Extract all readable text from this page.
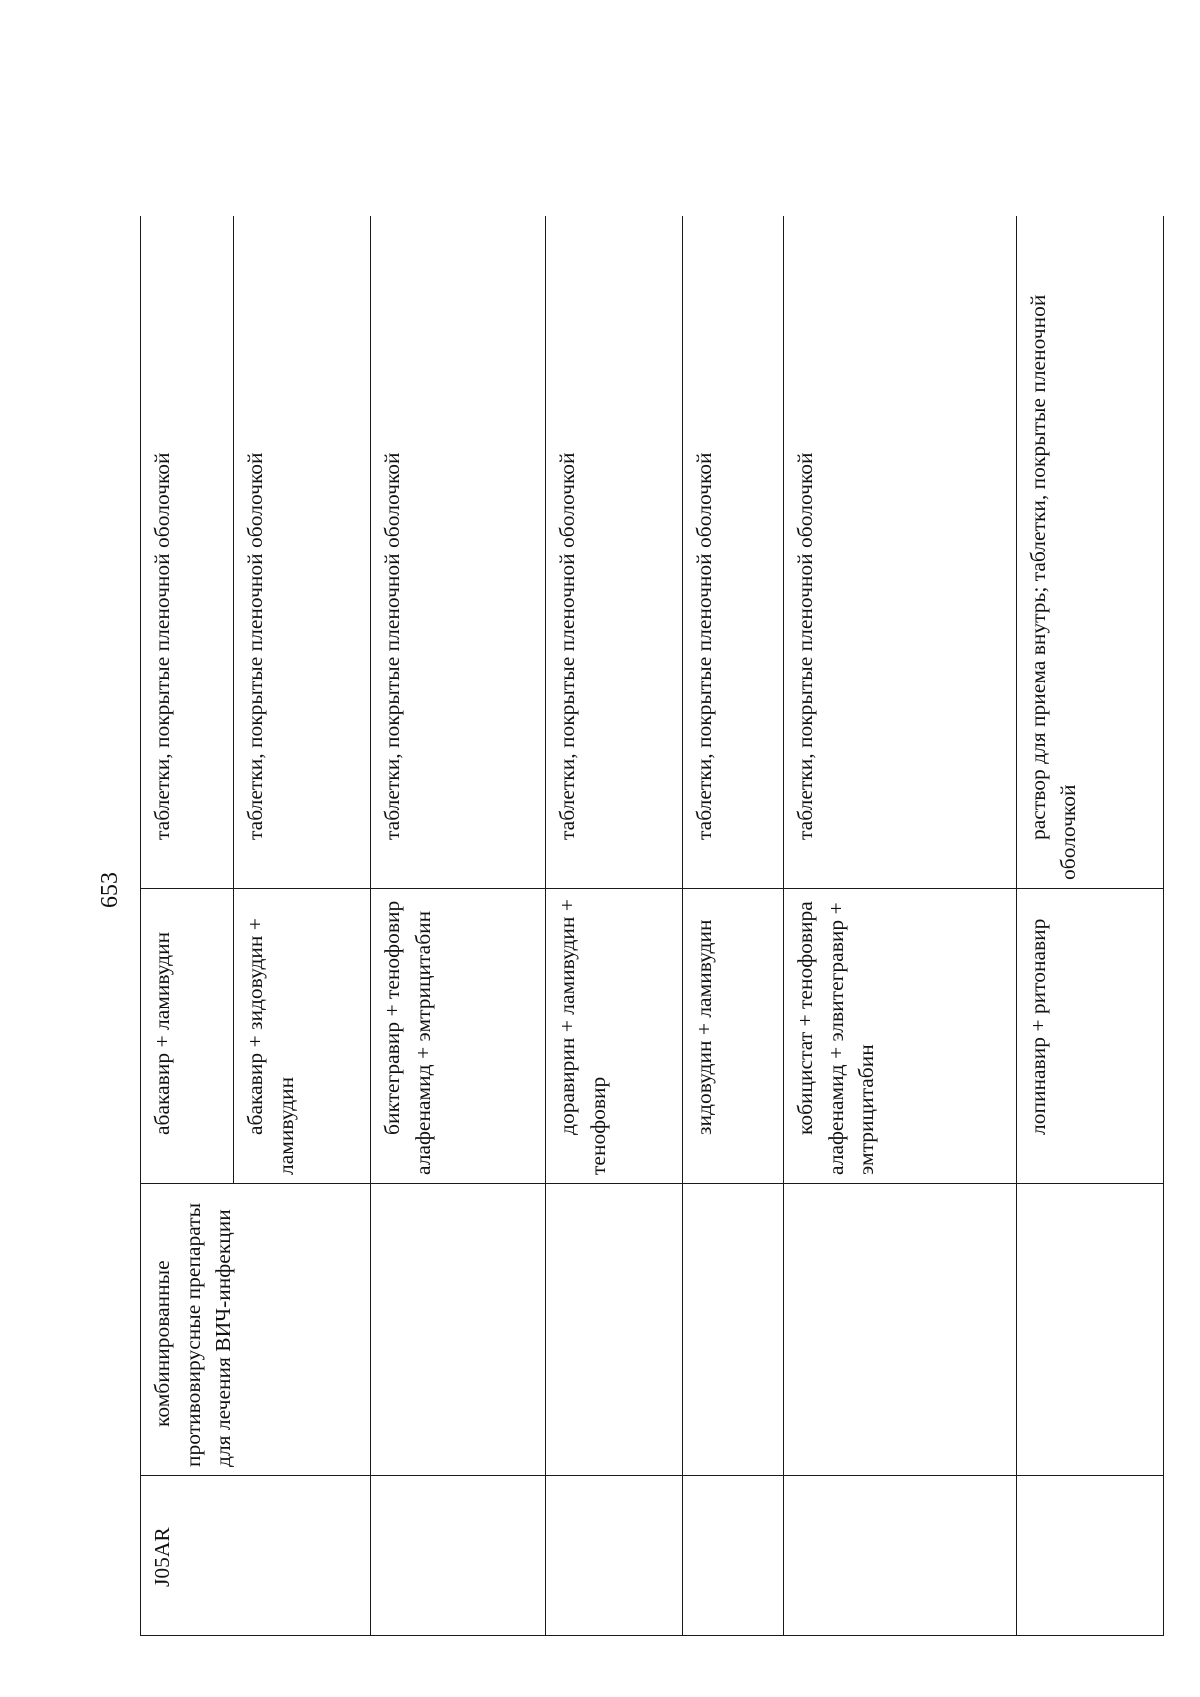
653
J05AR	комбинированные противовирусные препараты для лечения ВИЧ-инфекции	абакавир + ламивудин	таблетки, покрытые пленочной оболочкой

		абакавир + зидовудин + ламивудин	таблетки, покрытые пленочной оболочкой

		биктегравир + тенофовир алафенамид + эмтрицитабин	таблетки, покрытые пленочной оболочкой

		доравирин + ламивудин + тенофовир	таблетки, покрытые пленочной оболочкой

		зидовудин + ламивудин	таблетки, покрытые пленочной оболочкой

		кобицистат + тенофовира алафенамид + элвитегравир + эмтрицитабин	таблетки, покрытые пленочной оболочкой

		лопинавир + ритонавир	раствор для приема внутрь; таблетки, покрытые пленочной оболочкой
